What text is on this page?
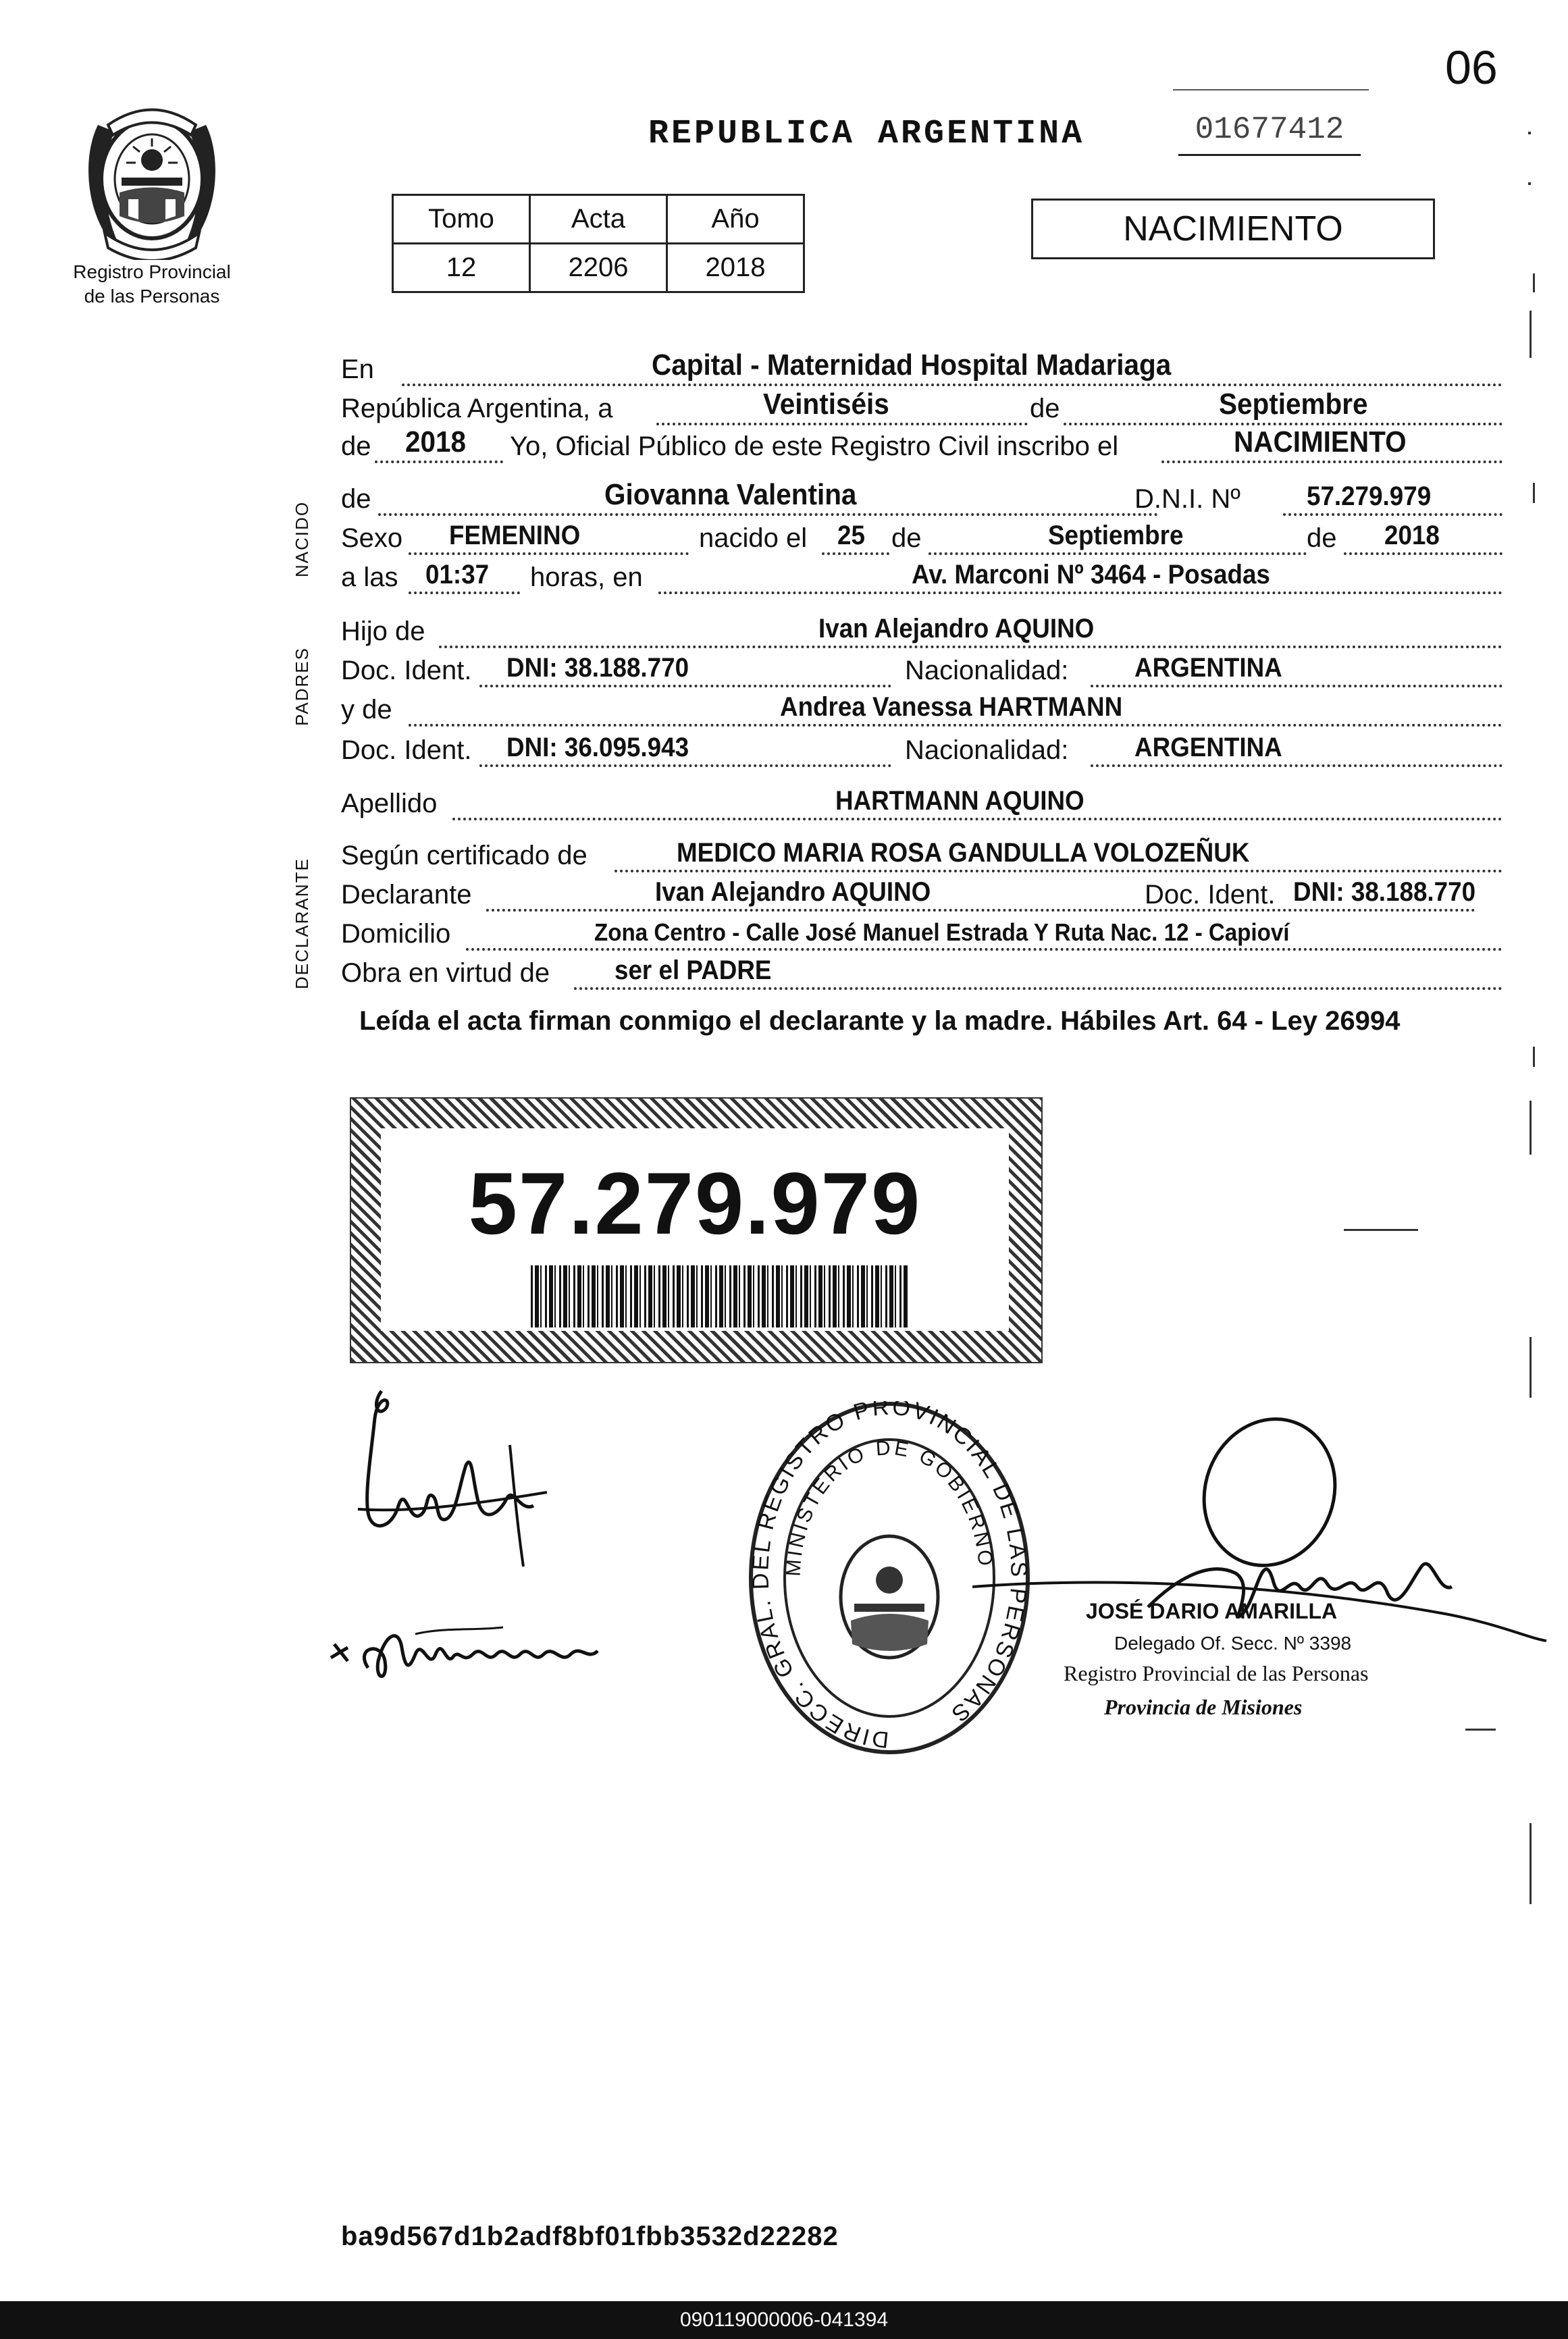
06
Registro Provincial
de las Personas
REPUBLICA ARGENTINA	01677412
Tomo	Acta	Año
12	2206	2018
NACIMIENTO
NACIDO
PADRES
DECLARANTE
En	Capital - Maternidad Hospital Madariaga
República Argentina, a	Veintiséis	de	Septiembre
de 2018 Yo, Oficial Público de este Registro Civil inscribo el	NACIMIENTO
de	Giovanna Valentina	D.N.I. Nº 57.279.979
Sexo FEMENINO	nacido el 25 de	Septiembre	de 2018
a las 01:37 horas, en	Av. Marconi Nº 3464 - Posadas
Hijo de	Ivan Alejandro AQUINO
Doc. Ident. DNI: 38.188.770	Nacionalidad: ARGENTINA
y de	Andrea Vanessa HARTMANN
Doc. Ident. DNI: 36.095.943	Nacionalidad: ARGENTINA
Apellido	HARTMANN AQUINO
Según certificado de	MEDICO MARIA ROSA GANDULLA VOLOZEÑUK
Declarante	Ivan Alejandro AQUINO	Doc. Ident. DNI: 38.188.770
Domicilio	Zona Centro - Calle José Manuel Estrada Y Ruta Nac. 12 - Capioví
Obra en virtud de ser el PADRE
Leída el acta firman conmigo el declarante y la madre. Hábiles Art. 64 - Ley 26994
57.279.979
DIRECC. GRAL. DEL REGISTRO PROVINCIAL DE LAS PERSONAS
MINISTERIO DE GOBIERNO
JOSÉ DARIO AMARILLA
Delegado Of. Secc. Nº 3398
Registro Provincial de las Personas
Provincia de Misiones
ba9d567d1b2adf8bf01fbb3532d22282
090119000006-041394
